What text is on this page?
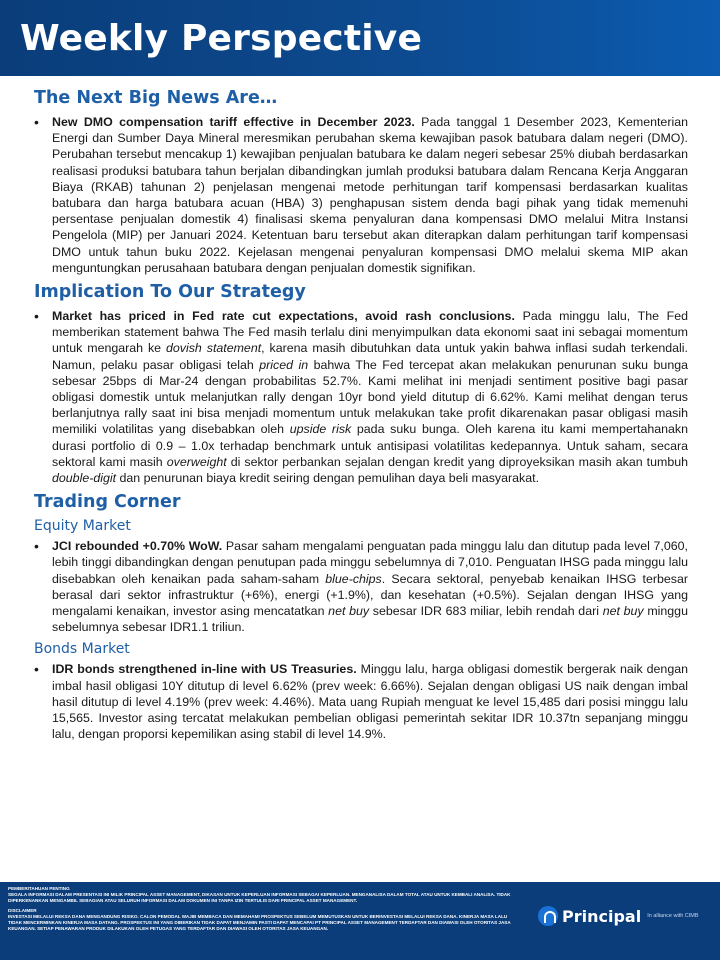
Weekly Perspective
The Next Big News Are…
• New DMO compensation tariff effective in December 2023. Pada tanggal 1 Desember 2023, Kementerian Energi dan Sumber Daya Mineral meresmikan perubahan skema kewajiban pasok batubara dalam negeri (DMO). Perubahan tersebut mencakup 1) kewajiban penjualan batubara ke dalam negeri sebesar 25% diubah berdasarkan realisasi produksi batubara tahun berjalan dibandingkan jumlah produksi batubara dalam Rencana Kerja Anggaran Biaya (RKAB) tahunan 2) penjelasan mengenai metode perhitungan tarif kompensasi berdasarkan kualitas batubara dan harga batubara acuan (HBA) 3) penghapusan sistem denda bagi pihak yang tidak memenuhi persentase penjualan domestik 4) finalisasi skema penyaluran dana kompensasi DMO melalui Mitra Instansi Pengelola (MIP) per Januari 2024. Ketentuan baru tersebut akan diterapkan dalam perhitungan tarif kompensasi DMO untuk tahun buku 2022. Kejelasan mengenai penyaluran kompensasi DMO melalui skema MIP akan menguntungkan perusahaan batubara dengan penjualan domestik signifikan.
Implication To Our Strategy
• Market has priced in Fed rate cut expectations, avoid rash conclusions. Pada minggu lalu, The Fed memberikan statement bahwa The Fed masih terlalu dini menyimpulkan data ekonomi saat ini sebagai momentum untuk mengarah ke dovish statement, karena masih dibutuhkan data untuk yakin bahwa inflasi sudah terkendali. Namun, pelaku pasar obligasi telah priced in bahwa The Fed tercepat akan melakukan penurunan suku bunga sebesar 25bps di Mar-24 dengan probabilitas 52.7%. Kami melihat ini menjadi sentiment positive bagi pasar obligasi domestik untuk melanjutkan rally dengan 10yr bond yield ditutup di 6.62%. Kami melihat dengan terus berlanjutnya rally saat ini bisa menjadi momentum untuk melakukan take profit dikarenakan pasar obligasi masih memiliki volatilitas yang disebabkan oleh upside risk pada suku bunga. Oleh karena itu kami mempertahanakn durasi portfolio di 0.9 – 1.0x terhadap benchmark untuk antisipasi volatilitas kedepannya. Untuk saham, secara sektoral kami masih overweight di sektor perbankan sejalan dengan kredit yang diproyeksikan masih akan tumbuh double-digit dan penurunan biaya kredit seiring dengan pemulihan daya beli masyarakat.
Trading Corner
Equity Market
• JCI rebounded +0.70% WoW. Pasar saham mengalami penguatan pada minggu lalu dan ditutup pada level 7,060, lebih tinggi dibandingkan dengan penutupan pada minggu sebelumnya di 7,010. Penguatan IHSG pada minggu lalu disebabkan oleh kenaikan pada saham-saham blue-chips. Secara sektoral, penyebab kenaikan IHSG terbesar berasal dari sektor infrastruktur (+6%), energi (+1.9%), dan kesehatan (+0.5%). Sejalan dengan IHSG yang mengalami kenaikan, investor asing mencatatkan net buy sebesar IDR 683 miliar, lebih rendah dari net buy minggu sebelumnya sebesar IDR1.1 triliun.
Bonds Market
• IDR bonds strengthened in-line with US Treasuries. Minggu lalu, harga obligasi domestik bergerak naik dengan imbal hasil obligasi 10Y ditutup di level 6.62% (prev week: 6.66%). Sejalan dengan obligasi US naik dengan imbal hasil ditutup di level 4.19% (prev week: 4.46%). Mata uang Rupiah menguat ke level 15,485 dari posisi minggu lalu 15,565. Investor asing tercatat melakukan pembelian obligasi pemerintah sekitar IDR 10.37tn sepanjang minggu lalu, dengan proporsi kepemilikan asing stabil di level 14.9%.

PEMBERITAHUAN PENTING
SEGALA INFORMASI DALAM PRESENTASI INI MILIK PRINCIPAL ASSET MANAGEMENT, DIKASAN UNTUK KEPERLUAN INFORMASI SEBAGAI KEPERLUAN. MENGANALISA DALAM TOTAL ATAU UNTUK KEMBALI ANALISA. TIDAK DIPERKENANKAN MENGAMBIL SEBAGIAN ATAU SELURUH INFORMASI DALAM DOKUMEN INI TANPA IZIN TERTULIS DARI PRINCIPAL ASSET MANAGEMENT.

DISCLAIMER
INVESTASI MELALUI REKSA DANA MENGANDUNG RISIKO. CALON PEMODAL WAJIB MEMBACA DAN MEMAHAMI PROSPEKTUS SEBELUM MEMUTUSKAN UNTUK BERINVESTASI MELALUI REKSA DANA. KINERJA MASA LALU TIDAK MENCERMINKAN KINERJA MASA DATANG. PROSPEKTUS INI YANG DIBERIKAN TIDAK DAPAT MENJAMIN PASTI DAPAT MENCAPAI PT PRINCIPAL ASSET MANAGEMENT TERDAFTAR DAN DIAWASI OLEH OTORITAS JASA KEUANGAN. SETIAP PENAWARAN PRODUK DILAKUKAN OLEH PETUGAS YANG TERDAFTAR DAN DIAWASI OLEH OTORITAS JASA KEUANGAN.

Principal In alliance with CIMB
